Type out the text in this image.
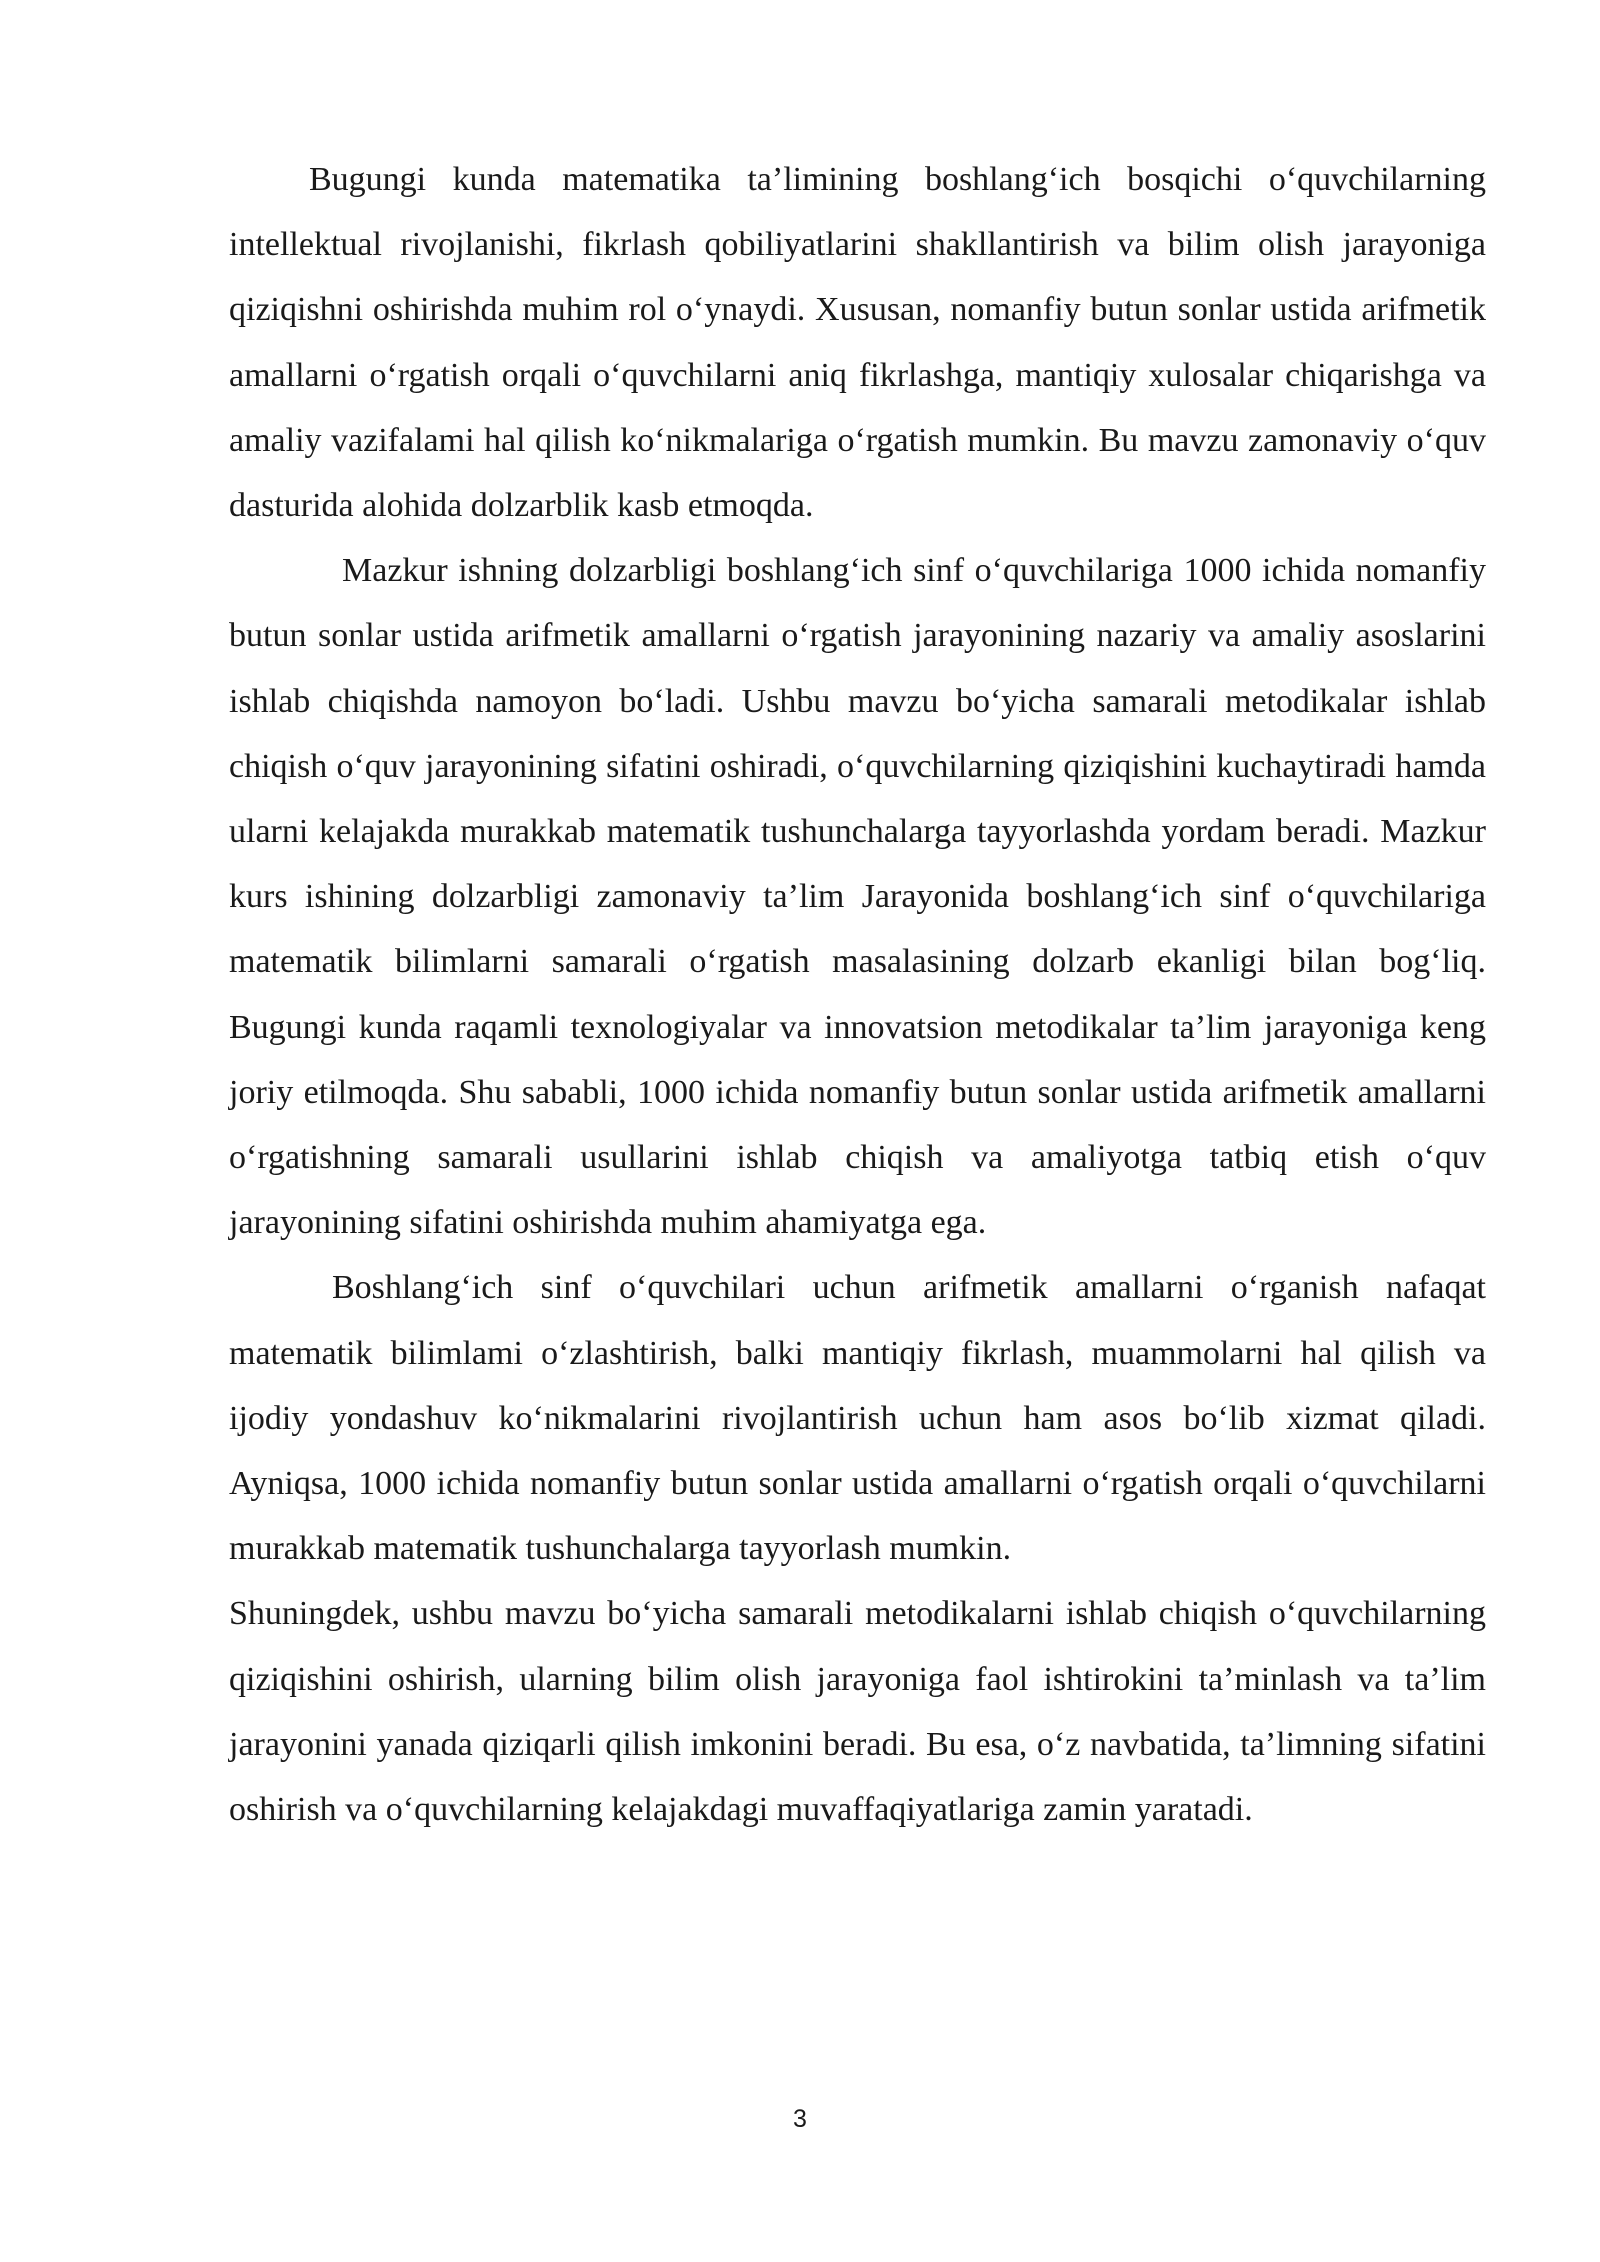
Bugungi kunda matematika ta’limining boshlang‘ich bosqichi o‘quvchilarning intellektual rivojlanishi, fikrlash qobiliyatlarini shakllantirish va bilim olish jarayoniga qiziqishni oshirishda muhim rol o‘ynaydi. Xususan, nomanfiy butun sonlar ustida arifmetik amallarni o‘rgatish orqali o‘quvchilarni aniq fikrlashga, mantiqiy xulosalar chiqarishga va amaliy vazifalami hal qilish ko‘nikmalariga o‘rgatish mumkin. Bu mavzu zamonaviy o‘quv dasturida alohida dolzarblik kasb etmoqda.

Mazkur ishning dolzarbligi boshlang‘ich sinf o‘quvchilariga 1000 ichida nomanfiy butun sonlar ustida arifmetik amallarni o‘rgatish jarayonining nazariy va amaliy asoslarini ishlab chiqishda namoyon bo‘ladi. Ushbu mavzu bo‘yicha samarali metodikalar ishlab chiqish o‘quv jarayonining sifatini oshiradi, o‘quvchilarning qiziqishini kuchaytiradi hamda ularni kelajakda murakkab matematik tushunchalarga tayyorlashda yordam beradi. Mazkur kurs ishining dolzarbligi zamonaviy ta’lim Jarayonida boshlang‘ich sinf o‘quvchilariga matematik bilimlarni samarali o‘rgatish masalasining dolzarb ekanligi bilan bog‘liq. Bugungi kunda raqamli texnologiyalar va innovatsion metodikalar ta’lim jarayoniga keng joriy etilmoqda. Shu sababli, 1000 ichida nomanfiy butun sonlar ustida arifmetik amallarni o‘rgatishning samarali usullarini ishlab chiqish va amaliyotga tatbiq etish o‘quv jarayonining sifatini oshirishda muhim ahamiyatga ega.

Boshlang‘ich sinf o‘quvchilari uchun arifmetik amallarni o‘rganish nafaqat matematik bilimlami o‘zlashtirish, balki mantiqiy fikrlash, muammolarni hal qilish va ijodiy yondashuv ko‘nikmalarini rivojlantirish uchun ham asos bo‘lib xizmat qiladi. Ayniqsa, 1000 ichida nomanfiy butun sonlar ustida amallarni o‘rgatish orqali o‘quvchilarni murakkab matematik tushunchalarga tayyorlash mumkin.

Shuningdek, ushbu mavzu bo‘yicha samarali metodikalarni ishlab chiqish o‘quvchilarning qiziqishini oshirish, ularning bilim olish jarayoniga faol ishtirokini ta’minlash va ta’lim jarayonini yanada qiziqarli qilish imkonini beradi. Bu esa, o‘z navbatida, ta’limning sifatini oshirish va o‘quvchilarning kelajakdagi muvaffaqiyatlariga zamin yaratadi.

3
